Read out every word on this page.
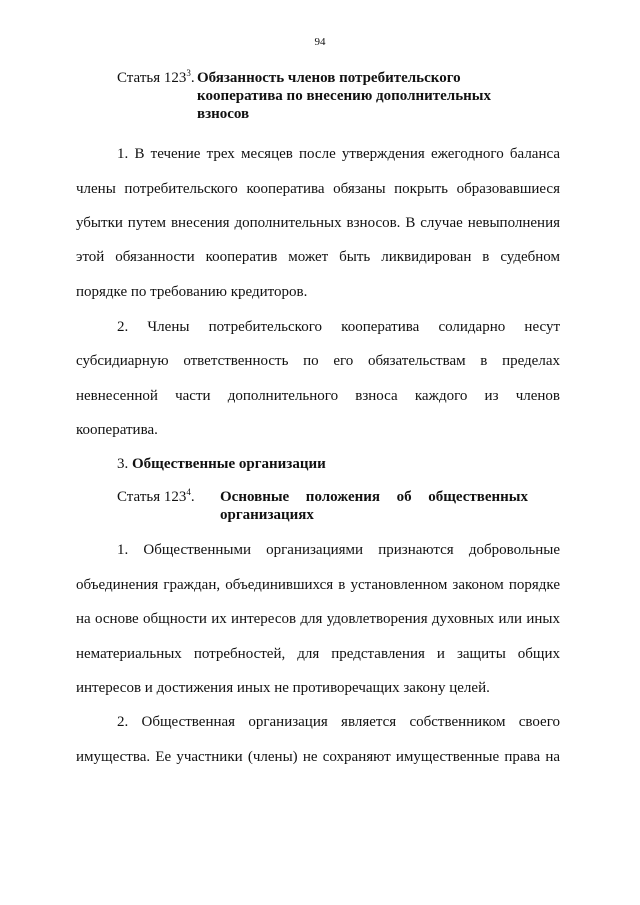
94
Статья $123^3$. Обязанность членов потребительского
кооператива по внесению дополнительных
взносов
1. В течение трех месяцев после утверждения ежегодного баланса
члены потребительского кооператива обязаны покрыть образовавшиеся
убытки путем внесения дополнительных взносов. В случае невыполнения
этой обязанности кооператив может быть ликвидирован в судебном
порядке по требованию кредиторов.
2. Члены потребительского кооператива солидарно несут
субсидиарную ответственность по его обязательствам в пределах
невнесенной части дополнительного взноса каждого из членов
кооператива.
3. Общественные организации
Статья $123^4$. Основные положения об общественных
организациях
1. Общественными организациями признаются добровольные
объединения граждан, объединившихся в установленном законом порядке
на основе общности их интересов для удовлетворения духовных или иных
нематериальных потребностей, для представления и защиты общих
интересов и достижения иных не противоречащих закону целей.
2. Общественная организация является собственником своего
имущества. Ее участники (члены) не сохраняют имущественные права на
